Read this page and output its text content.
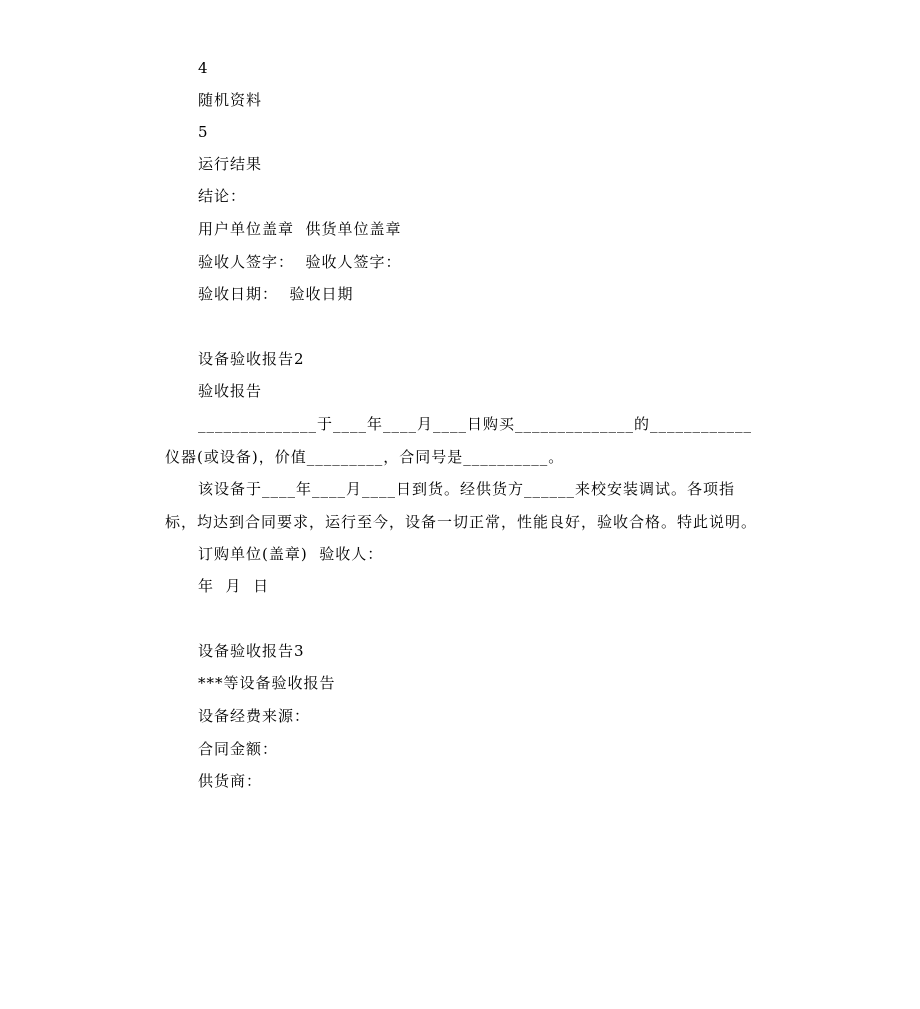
4
随机资料
5
运行结果
结论：
用户单位盖章  供货单位盖章
验收人签字：  验收人签字：
验收日期：  验收日期
设备验收报告2
验收报告
______________于____年____月____日购买______________的____________仪器(或设备)，价值_________，合同号是__________。
该设备于____年____月____日到货。经供货方______来校安装调试。各项指标，均达到合同要求，运行至今，设备一切正常，性能良好，验收合格。特此说明。
订购单位(盖章)  验收人：
年  月  日
设备验收报告3
***等设备验收报告
设备经费来源：
合同金额：
供货商：
